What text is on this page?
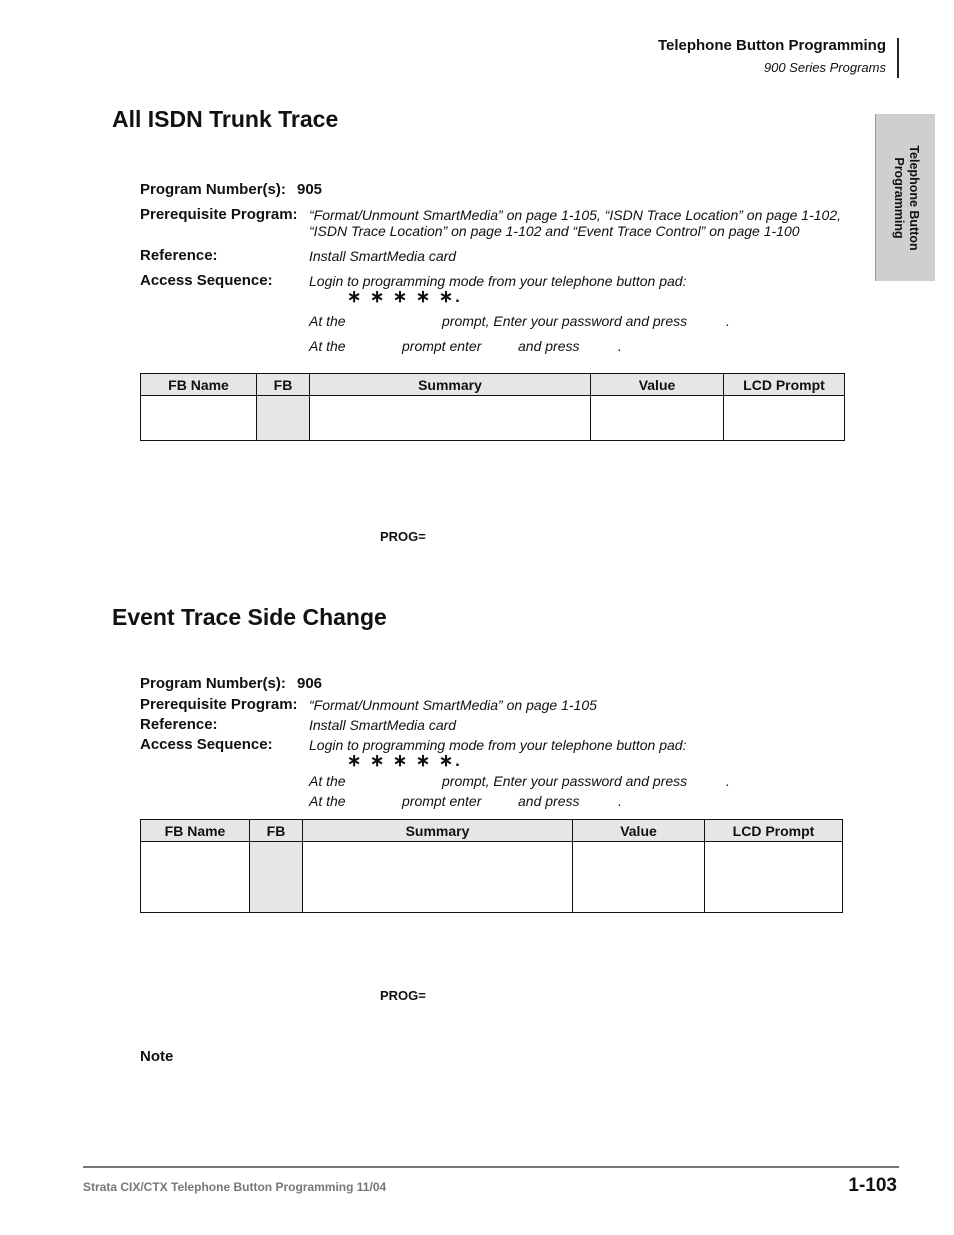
Telephone Button Programming
900 Series Programs
Telephone Button
Programming
All ISDN Trunk Trace
Program Number(s): 905
Prerequisite Program: “Format/Unmount SmartMedia” on page 1-105, “ISDN Trace Location” on page 1-102,
“ISDN Trace Location” on page 1-102 and “Event Trace Control” on page 1-100
Reference:	Install SmartMedia card
Access Sequence:	Login to programming mode from your telephone button pad:
∗ ∗ ∗ ∗ ∗.
At the	prompt, Enter your password and press	.
At the	prompt enter	and press	.
FB Name	FB	Summary	Value	LCD Prompt

PROG=
Event Trace Side Change
Program Number(s): 906
Prerequisite Program: “Format/Unmount SmartMedia” on page 1-105
Reference:	Install SmartMedia card
Access Sequence:	Login to programming mode from your telephone button pad:
∗ ∗ ∗ ∗ ∗.
At the	prompt, Enter your password and press	.
At the	prompt enter	and press	.
FB Name	FB	Summary	Value	LCD Prompt

PROG=
Note
Strata CIX/CTX Telephone Button Programming 11/04	1-103
